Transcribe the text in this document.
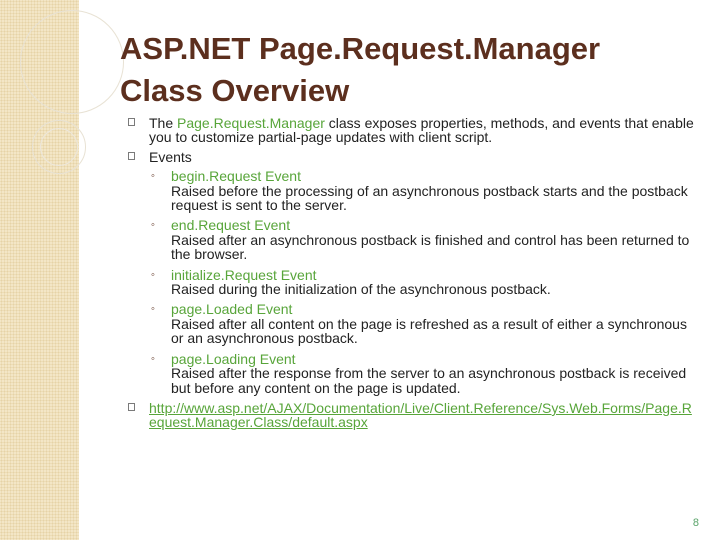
ASP.NET Page.Request.Manager Class Overview
The Page.Request.Manager class exposes properties, methods, and events that enable you to customize partial-page updates with client script.
Events
◦ begin.Request Event
Raised before the processing of an asynchronous postback starts and the postback request is sent to the server.
◦ end.Request Event
Raised after an asynchronous postback is finished and control has been returned to the browser.
◦ initialize.Request Event
Raised during the initialization of the asynchronous postback.
◦ page.Loaded Event
Raised after all content on the page is refreshed as a result of either a synchronous or an asynchronous postback.
◦ page.Loading Event
Raised after the response from the server to an asynchronous postback is received but before any content on the page is updated.
http://www.asp.net/AJAX/Documentation/Live/Client.Reference/Sys.Web.Forms/Page.Request.Manager.Class/default.aspx
8
